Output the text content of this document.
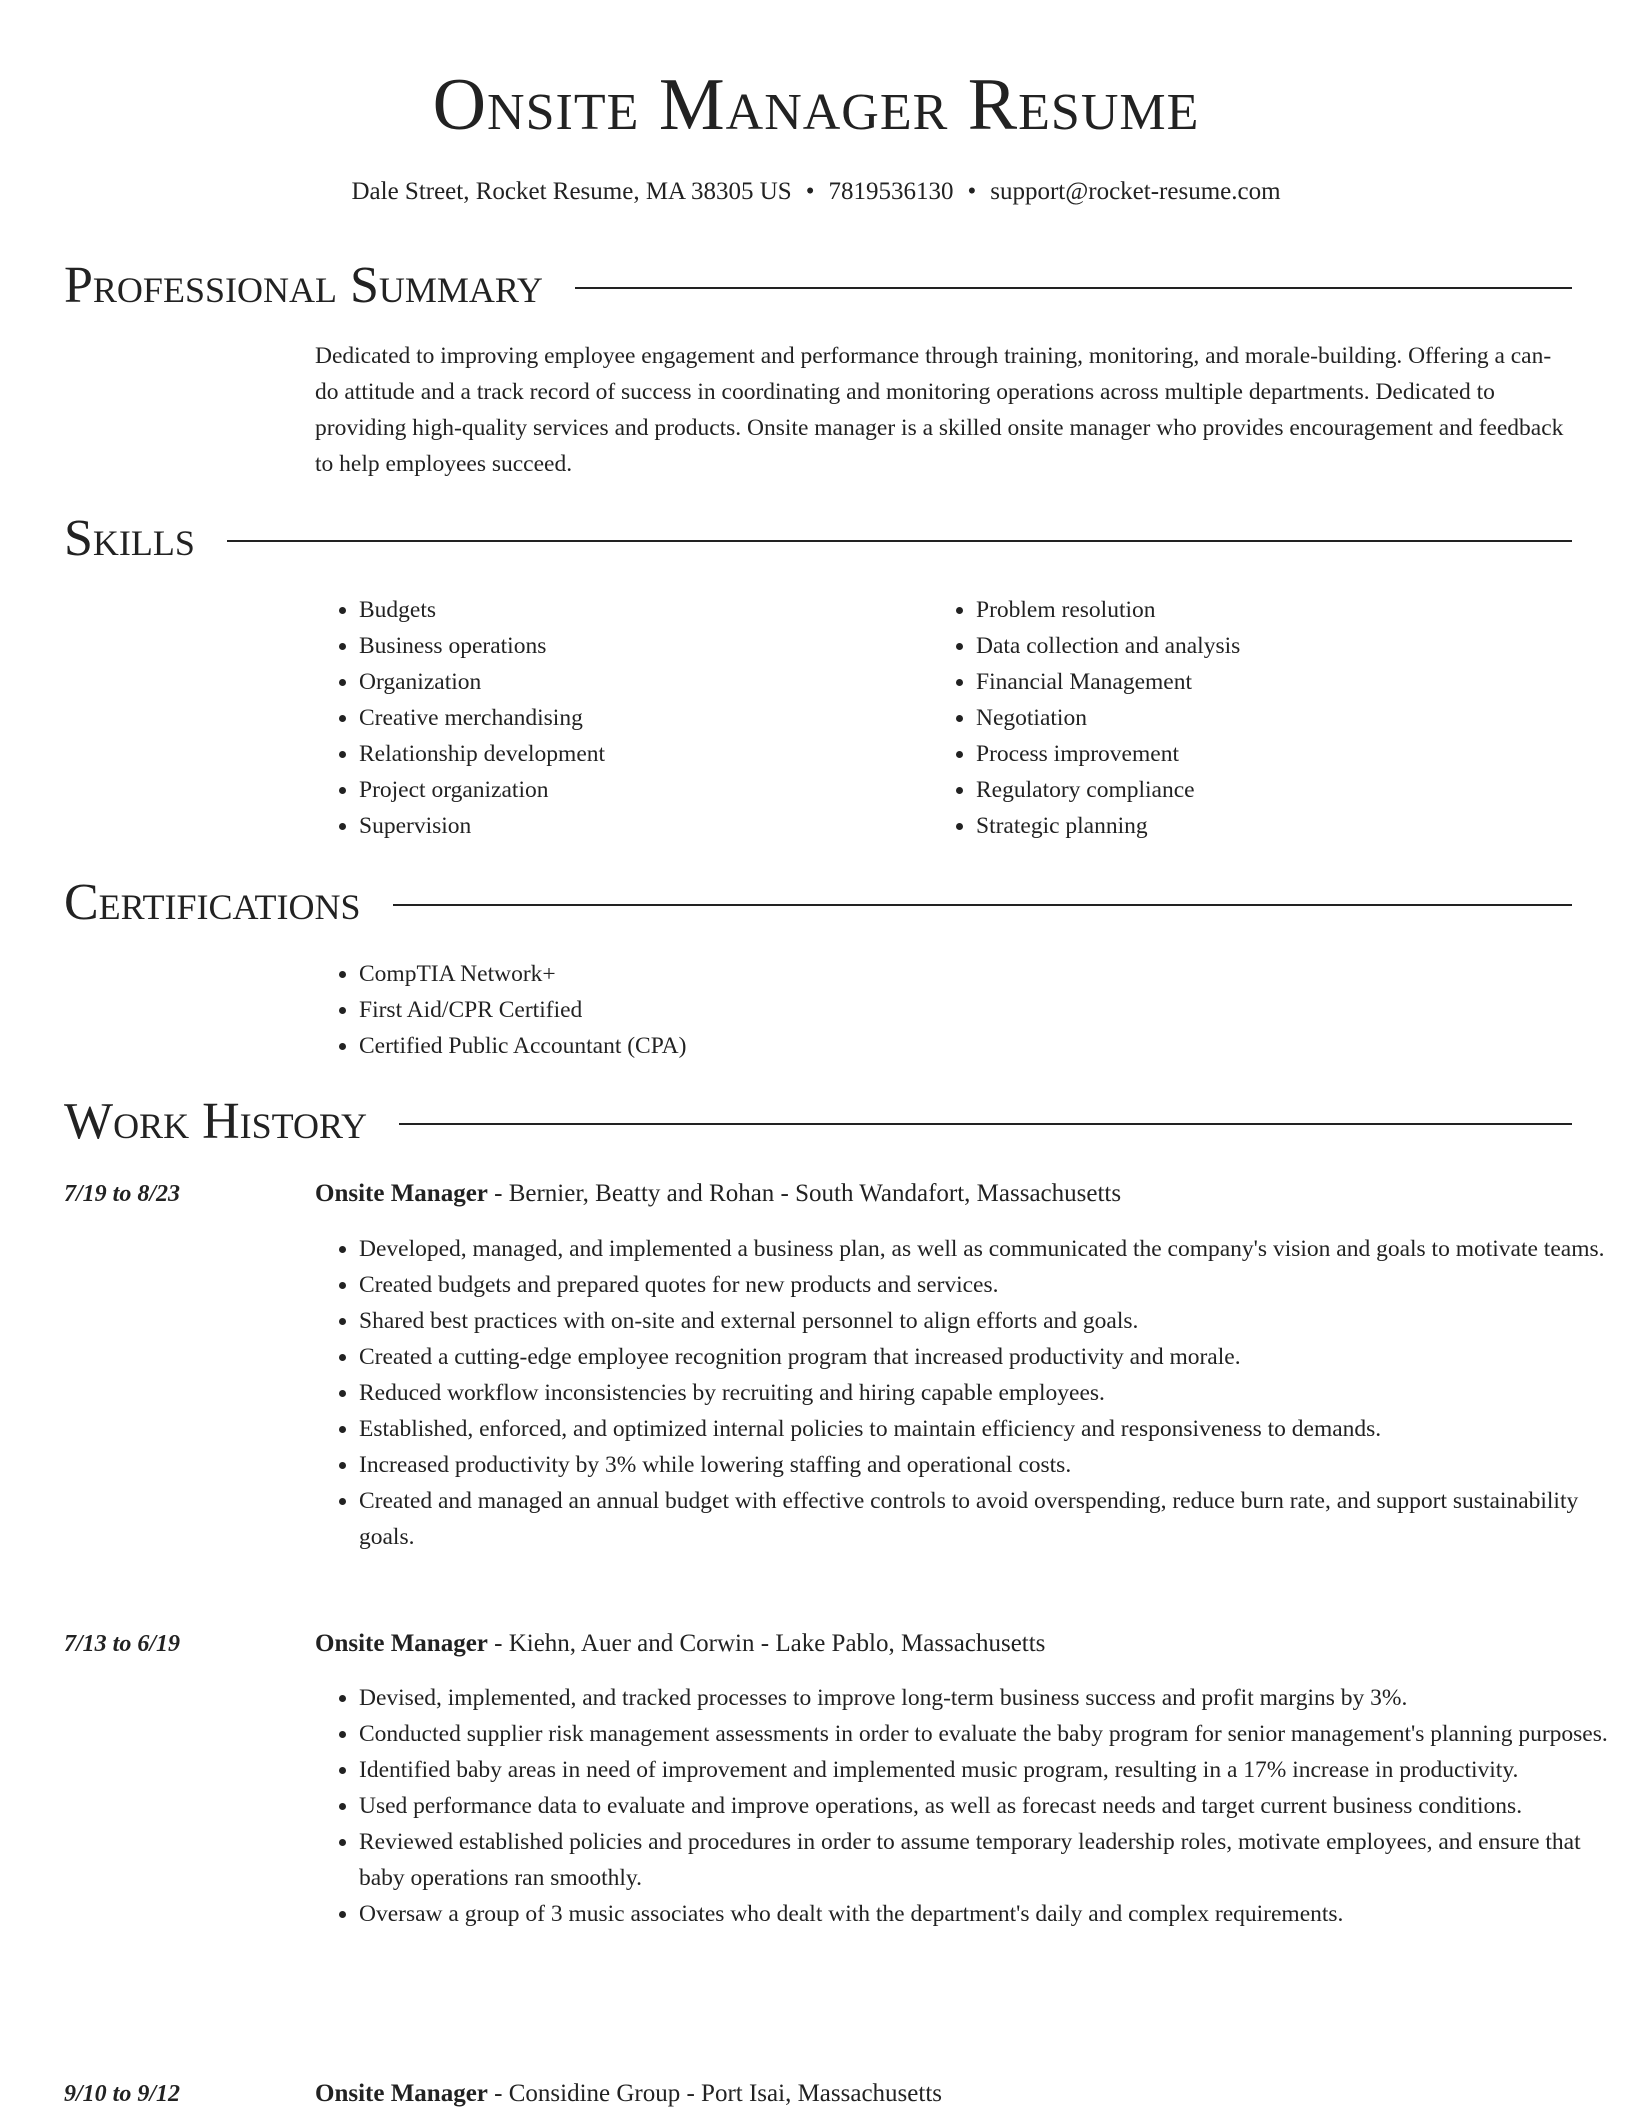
Onsite Manager Resume
Dale Street, Rocket Resume, MA 38305 US • 7819536130 • support@rocket-resume.com
Professional Summary

Dedicated to improving employee engagement and performance through training, monitoring, and morale-building. Offering a can-do attitude and a track record of success in coordinating and monitoring operations across multiple departments. Dedicated to providing high-quality services and products. Onsite manager is a skilled onsite manager who provides encouragement and feedback to help employees succeed.

Skills
• Budgets
• Business operations
• Organization
• Creative merchandising
• Relationship development
• Project organization
• Supervision
• Problem resolution
• Data collection and analysis
• Financial Management
• Negotiation
• Process improvement
• Regulatory compliance
• Strategic planning
Certifications
• CompTIA Network+
• First Aid/CPR Certified
• Certified Public Accountant (CPA)
Work History
7/19 to 8/23	Onsite Manager - Bernier, Beatty and Rohan - South Wandafort, Massachusetts
• Developed, managed, and implemented a business plan, as well as communicated the company's vision and goals to motivate teams.
• Created budgets and prepared quotes for new products and services.
• Shared best practices with on-site and external personnel to align efforts and goals.
• Created a cutting-edge employee recognition program that increased productivity and morale.
• Reduced workflow inconsistencies by recruiting and hiring capable employees.
• Established, enforced, and optimized internal policies to maintain efficiency and responsiveness to demands.
• Increased productivity by 3% while lowering staffing and operational costs.
• Created and managed an annual budget with effective controls to avoid overspending, reduce burn rate, and support sustainability goals.
7/13 to 6/19	Onsite Manager - Kiehn, Auer and Corwin - Lake Pablo, Massachusetts
• Devised, implemented, and tracked processes to improve long-term business success and profit margins by 3%.
• Conducted supplier risk management assessments in order to evaluate the baby program for senior management's planning purposes.
• Identified baby areas in need of improvement and implemented music program, resulting in a 17% increase in productivity.
• Used performance data to evaluate and improve operations, as well as forecast needs and target current business conditions.
• Reviewed established policies and procedures in order to assume temporary leadership roles, motivate employees, and ensure that baby operations ran smoothly.
• Oversaw a group of 3 music associates who dealt with the department's daily and complex requirements.
9/10 to 9/12	Onsite Manager - Considine Group - Port Isai, Massachusetts
